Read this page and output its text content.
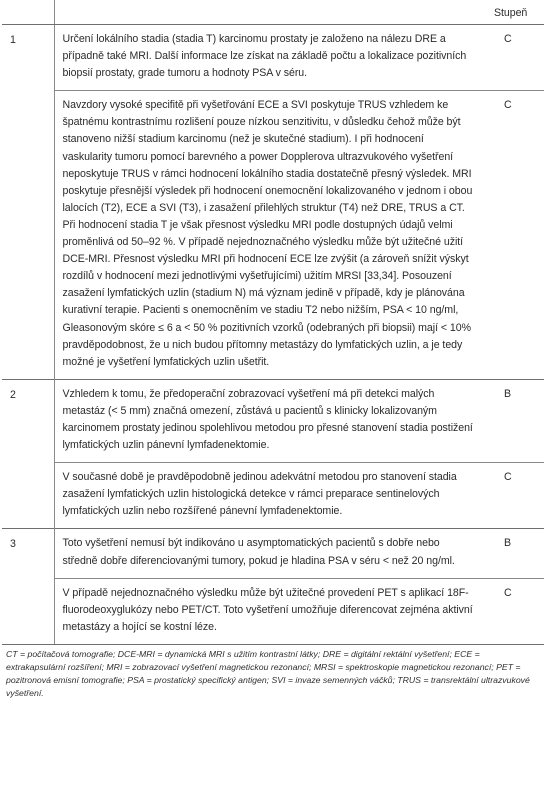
		Stupeň
1	Určení lokálního stadia (stadia T) karcinomu prostaty je založeno na nálezu DRE a případně také MRI. Další informace lze získat na základě počtu a lokalizace pozitivních biopsií prostaty, grade tumoru a hodnoty PSA v séru.	C
	Navzdory vysoké specifitě při vyšetřování ECE a SVI poskytuje TRUS vzhledem ke špatnému kontrastnímu rozlišení pouze nízkou senzitivitu, v důsledku čehož může být stanoveno nižší stadium karcinomu (než je skutečné stadium). I při hodnocení vaskularity tumoru pomocí barevného a power Dopplerova ultrazvukového vyšetření neposkytuje TRUS v rámci hodnocení lokálního stadia dostatečně přesný výsledek. MRI poskytuje přesnější výsledek při hodnocení onemocnění lokalizovaného v jednom i obou lalocích (T2), ECE a SVI (T3), i zasažení přilehlých struktur (T4) než DRE, TRUS a CT. Při hodnocení stadia T je však přesnost výsledku MRI podle dostupných údajů velmi proměnlivá od 50–92 %. V případě nejednoznačného výsledku může být užitečné užití DCE-MRI. Přesnost výsledku MRI při hodnocení ECE lze zvýšit (a zároveň snížit výskyt rozdílů v hodnocení mezi jednotlivými vyšetřujícími) užitím MRSI [33,34]. Posouzení zasažení lymfatických uzlin (stadium N) má význam jedině v případě, kdy je plánována kurativní terapie. Pacienti s onemocněním ve stadiu T2 nebo nižším, PSA < 10 ng/ml, Gleasonovým skóre ≤ 6 a < 50 % pozitivních vzorků (odebraných při biopsii) mají < 10% pravděpodobnost, že u nich budou přítomny metastázy do lymfatických uzlin, a je tedy možné je vyšetření lymfatických uzlin ušetřit.	C
2	Vzhledem k tomu, že předoperační zobrazovací vyšetření má při detekci malých metastáz (< 5 mm) značná omezení, zůstává u pacientů s klinicky lokalizovaným karcinomem prostaty jedinou spolehlivou metodou pro přesné stanovení stadia postižení lymfatických uzlin pánevní lymfadenektomie.	B
	V současné době je pravděpodobně jedinou adekvátní metodou pro stanovení stadia zasažení lymfatických uzlin histologická detekce v rámci preparace sentinelových lymfatických uzlin nebo rozšířené pánevní lymfadenektomie.	C
3	Toto vyšetření nemusí být indikováno u asymptomatických pacientů s dobře nebo středně dobře diferenciovanými tumory, pokud je hladina PSA v séru < než 20 ng/ml.	B
	V případě nejednoznačného výsledku může být užitečné provedení PET s aplikací 18F-fluorodeoxyglukózy nebo PET/CT. Toto vyšetření umožňuje diferencovat zejména aktivní metastázy a hojící se kostní léze.	C
CT = počítačová tomografie; DCE-MRI = dynamická MRI s užitím kontrastní látky; DRE = digitální rektální vyšetření; ECE = extrakapsulární rozšíření; MRI = zobrazovací vyšetření magnetickou rezonancí; MRSI = spektroskopie magnetickou rezonancí; PET = pozitronová emisní tomografie; PSA = prostatický specifický antigen; SVI = invaze semenných váčků; TRUS = transrektální ultrazvukové vyšetření.
